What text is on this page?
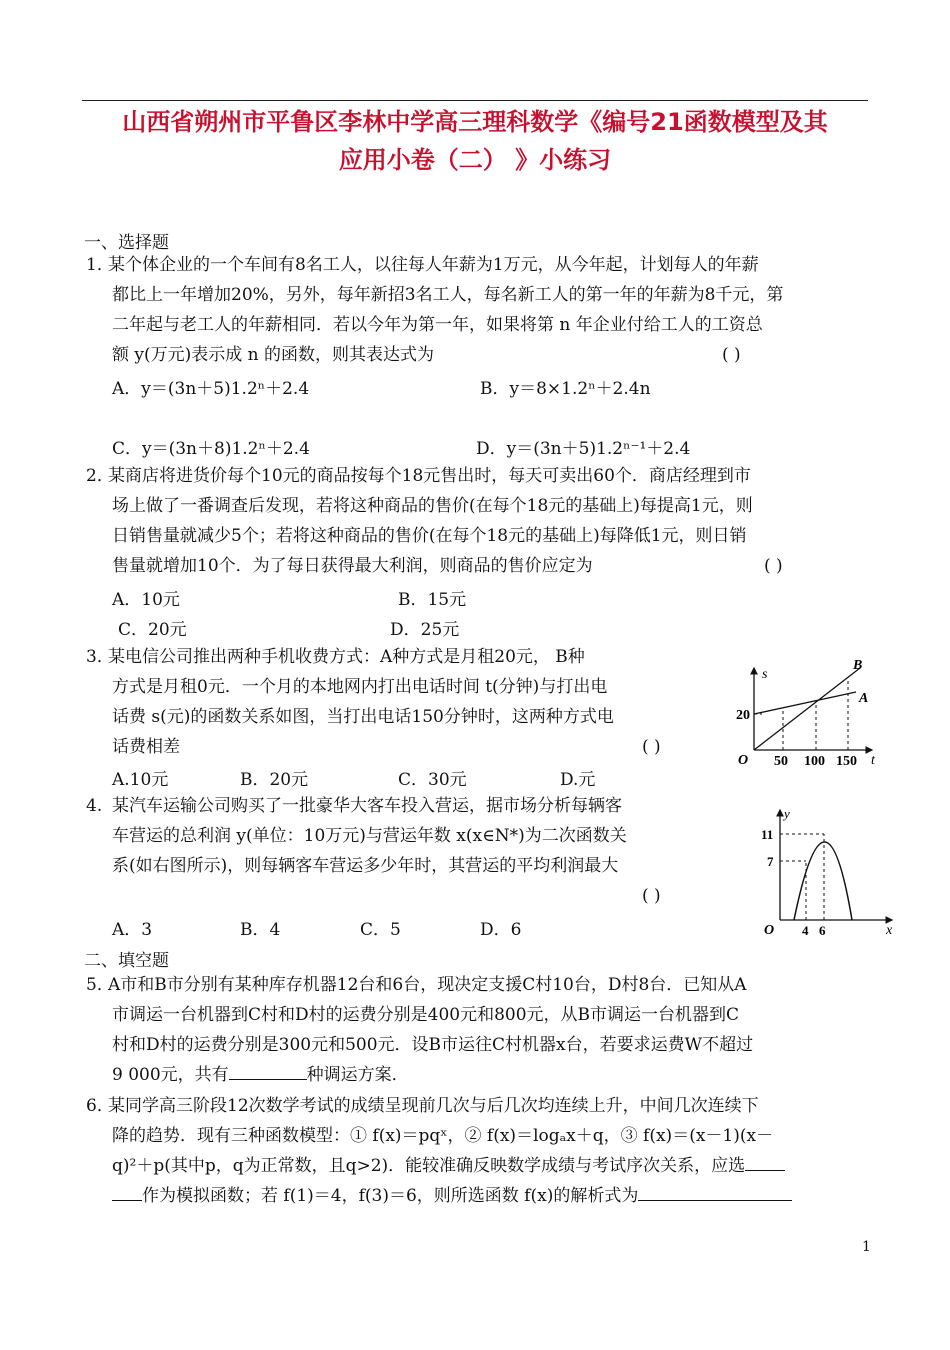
山西省朔州市平鲁区李林中学高三理科数学《编号21函数模型及其
应用小卷（二） 》小练习
一、选择题
1．
某个体企业的一个车间有8名工人，以往每人年薪为1万元，从今年起，计划每人的年薪
都比上一年增加20%，另外，每年新招3名工人，每名新工人的第一年的年薪为8千元，第
二年起与老工人的年薪相同．若以今年为第一年，如果将第 n 年企业付给工人的工资总
额 y(万元)表示成 n 的函数，则其表达式为	( )
A．y＝(3n＋5)1.2ⁿ＋2.4	B．y＝8×1.2ⁿ＋2.4n
C．y＝(3n＋8)1.2ⁿ＋2.4	D．y＝(3n＋5)1.2ⁿ⁻¹＋2.4
2．
某商店将进货价每个10元的商品按每个18元售出时，每天可卖出60个．商店经理到市
场上做了一番调查后发现，若将这种商品的售价(在每个18元的基础上)每提高1元，则
日销售量就减少5个；若将这种商品的售价(在每个18元的基础上)每降低1元，则日销
售量就增加10个．为了每日获得最大利润，则商品的售价应定为	( )
A．10元	B．15元
C．20元	D．25元
3．
某电信公司推出两种手机收费方式：A种方式是月租20元， B种
方式是月租0元．一个月的本地网内打出电话时间 t(分钟)与打出电
话费 s(元)的函数关系如图，当打出电话150分钟时，这两种方式电
话费相差	( )
A.10元	B．20元	C．30元	D.元
s
t
O
20
50 100 150
A
B
4. 某汽车运输公司购买了一批豪华大客车投入营运，据市场分析每辆客
车营运的总利润 y(单位：10万元)与营运年数 x(x∈N*)为二次函数关
系(如右图所示)，则每辆客车营运多少年时，其营运的平均利润最大
( )
A．3	B．4	C．5	D．6
y
x
O
11
7
4 6
二、填空题
5．
A市和B市分别有某种库存机器12台和6台，现决定支援C村10台，D村8台．已知从A
市调运一台机器到C村和D村的运费分别是400元和800元，从B市调运一台机器到C
村和D村的运费分别是300元和500元．设B市运往C村机器x台，若要求运费W不超过
9 000元，共有	种调运方案．
6．
某同学高三阶段12次数学考试的成绩呈现前几次与后几次均连续上升，中间几次连续下
降的趋势．现有三种函数模型：① f(x)＝pqˣ，② f(x)＝logₐx＋q，③ f(x)＝(x－1)(x－
q)²＋p(其中p，q为正常数，且q>2)．能较准确反映数学成绩与考试序次关系，应选
作为模拟函数；若 f(1)＝4，f(3)＝6，则所选函数 f(x)的解析式为
1
